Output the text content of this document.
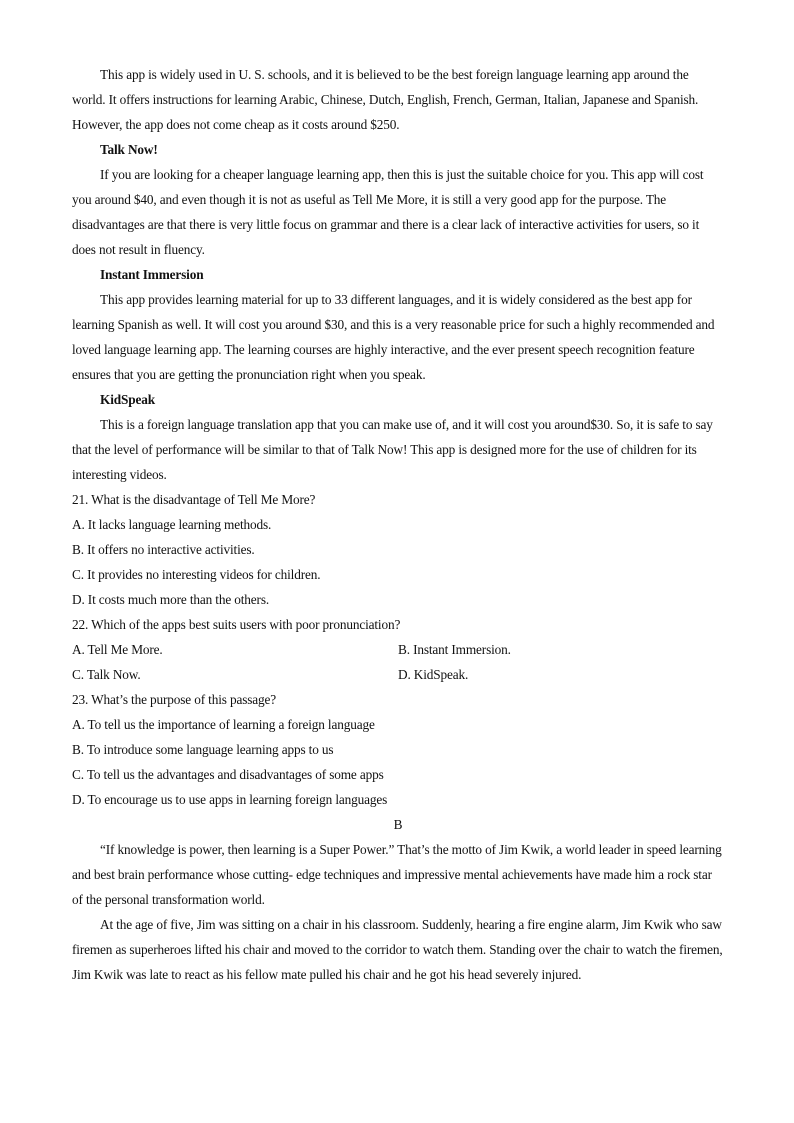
This app is widely used in U. S. schools, and it is believed to be the best foreign language learning app around the world. It offers instructions for learning Arabic, Chinese, Dutch, English, French, German, Italian, Japanese and Spanish. However, the app does not come cheap as it costs around $250.

Talk Now!

If you are looking for a cheaper language learning app, then this is just the suitable choice for you. This app will cost you around $40, and even though it is not as useful as Tell Me More, it is still a very good app for the purpose. The disadvantages are that there is very little focus on grammar and there is a clear lack of interactive activities for users, so it does not result in fluency.

Instant Immersion

This app provides learning material for up to 33 different languages, and it is widely considered as the best app for learning Spanish as well. It will cost you around $30, and this is a very reasonable price for such a highly recommended and loved language learning app. The learning courses are highly interactive, and the ever present speech recognition feature ensures that you are getting the pronunciation right when you speak.

KidSpeak

This is a foreign language translation app that you can make use of, and it will cost you around$30. So, it is safe to say that the level of performance will be similar to that of Talk Now! This app is designed more for the use of children for its interesting videos.

21. What is the disadvantage of Tell Me More?

A. It lacks language learning methods.

B. It offers no interactive activities.

C. It provides no interesting videos for children.

D. It costs much more than the others.

22. Which of the apps best suits users with poor pronunciation?

A. Tell Me More.	B. Instant Immersion.
C. Talk Now.	D. KidSpeak.

23. What’s the purpose of this passage?

A. To tell us the importance of learning a foreign language

B. To introduce some language learning apps to us

C. To tell us the advantages and disadvantages of some apps

D. To encourage us to use apps in learning foreign languages

B

“If knowledge is power, then learning is a Super Power.” That’s the motto of Jim Kwik, a world leader in speed learning and best brain performance whose cutting- edge techniques and impressive mental achievements have made him a rock star of the personal transformation world.

At the age of five, Jim was sitting on a chair in his classroom. Suddenly, hearing a fire engine alarm, Jim Kwik who saw firemen as superheroes lifted his chair and moved to the corridor to watch them. Standing over the chair to watch the firemen, Jim Kwik was late to react as his fellow mate pulled his chair and he got his head severely injured.
